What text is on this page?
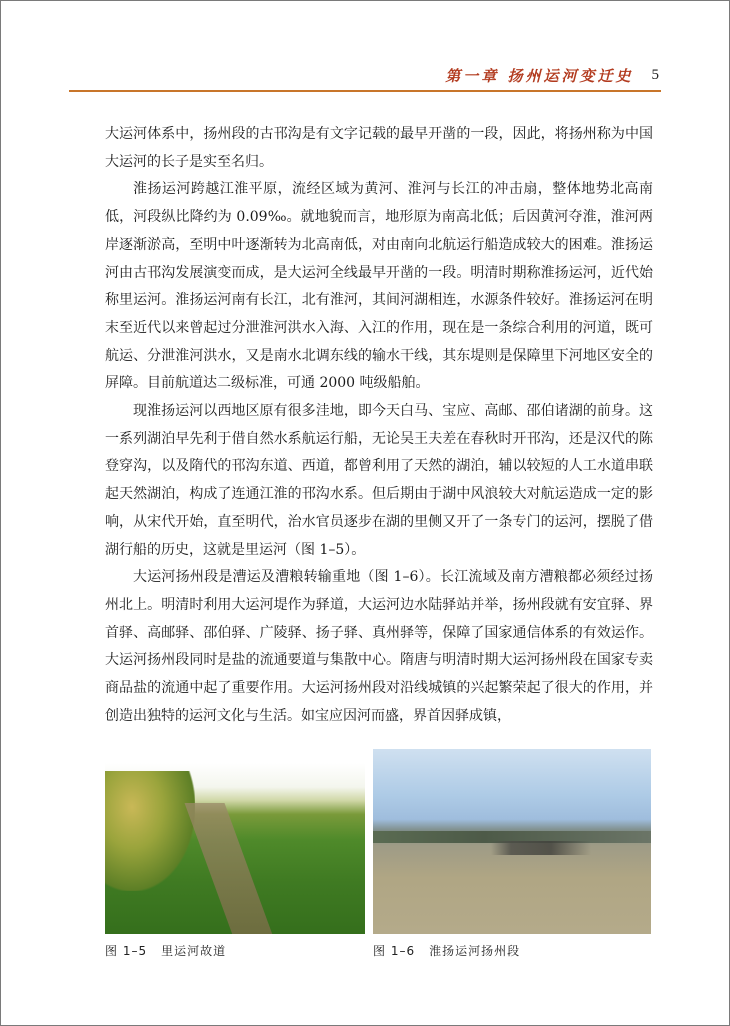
第一章 扬州运河变迁史 5

大运河体系中，扬州段的古邗沟是有文字记载的最早开凿的一段，因此，将扬州称为中国大运河的长子是实至名归。

淮扬运河跨越江淮平原，流经区域为黄河、淮河与长江的冲击扇，整体地势北高南低，河段纵比降约为 0.09‰。就地貌而言，地形原为南高北低；后因黄河夺淮，淮河两岸逐渐淤高，至明中叶逐渐转为北高南低，对由南向北航运行船造成较大的困难。淮扬运河由古邗沟发展演变而成，是大运河全线最早开凿的一段。明清时期称淮扬运河，近代始称里运河。淮扬运河南有长江，北有淮河，其间河湖相连，水源条件较好。淮扬运河在明末至近代以来曾起过分泄淮河洪水入海、入江的作用，现在是一条综合利用的河道，既可航运、分泄淮河洪水，又是南水北调东线的输水干线，其东堤则是保障里下河地区安全的屏障。目前航道达二级标准，可通 2000 吨级船舶。

现淮扬运河以西地区原有很多洼地，即今天白马、宝应、高邮、邵伯诸湖的前身。这一系列湖泊早先利于借自然水系航运行船，无论吴王夫差在春秋时开邗沟，还是汉代的陈登穿沟，以及隋代的邗沟东道、西道，都曾利用了天然的湖泊，辅以较短的人工水道串联起天然湖泊，构成了连通江淮的邗沟水系。但后期由于湖中风浪较大对航运造成一定的影响，从宋代开始，直至明代，治水官员逐步在湖的里侧又开了一条专门的运河，摆脱了借湖行船的历史，这就是里运河（图 1–5）。

大运河扬州段是漕运及漕粮转输重地（图 1–6）。长江流域及南方漕粮都必须经过扬州北上。明清时利用大运河堤作为驿道，大运河边水陆驿站并举，扬州段就有安宜驿、界首驿、高邮驿、邵伯驿、广陵驿、扬子驿、真州驿等，保障了国家通信体系的有效运作。大运河扬州段同时是盐的流通要道与集散中心。隋唐与明清时期大运河扬州段在国家专卖商品盐的流通中起了重要作用。大运河扬州段对沿线城镇的兴起繁荣起了很大的作用，并创造出独特的运河文化与生活。如宝应因河而盛，界首因驿成镇，

图 1–5 里运河故道	图 1–6 淮扬运河扬州段
